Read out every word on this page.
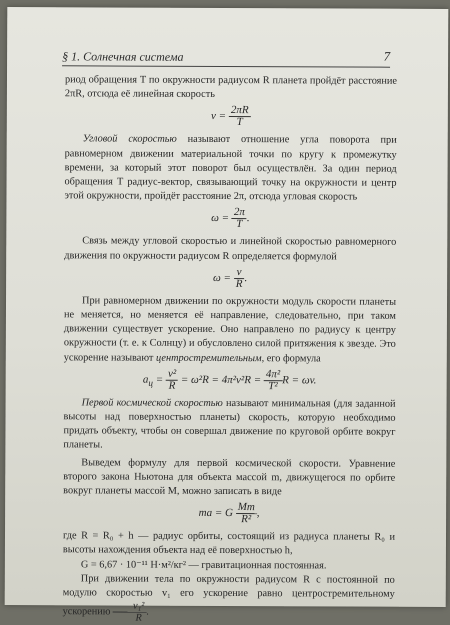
§ 1. Солнечная система	7

риод обращения T по окружности радиусом R планета пройдёт расстояние 2πR, отсюда её линейная скорость

$v = \frac{2\pi R}{T}$

Угловой скоростью называют отношение угла поворота при равномерном движении материальной точки по кругу к промежутку времени, за который этот поворот был осуществлён. За один период обращения T радиус-вектор, связывающий точку на окружности и центр этой окружности, пройдёт расстояние 2π, отсюда угловая скорость

$\omega = \frac{2\pi}{T}$ .

Связь между угловой скоростью и линейной скоростью равномерного движения по окружности радиусом R определяется формулой

$\omega = \frac{v}{R}$ .

При равномерном движении по окружности модуль скорости планеты не меняется, но меняется её направление, следовательно, при таком движении существует ускорение. Оно направлено по радиусу к центру окружности (т. е. к Солнцу) и обусловлено силой притяжения к звезде. Это ускорение называют центростремительным, его формула

$a_ц = \frac{\text{v²}}{R} = \omega^2R = 4\pi^2\nu^2R = \frac{\text{4π²}}{\text{T²}}$ R = ωv.

Первой космической скоростью называют минимальная (для заданной высоты над поверхностью планеты) скорость, которую необходимо придать объекту, чтобы он совершал движение по круговой орбите вокруг планеты.

Выведем формулу для первой космической скорости. Уравнение второго закона Ньютона для объекта массой m, движущегося по орбите вокруг планеты массой M, можно записать в виде

ma = G $\frac{Mm}{\text{R²}}$ ,

где R = R₀ + h — радиус орбиты, состоящий из радиуса планеты R₀ и высоты нахождения объекта над её поверхностью h,

G = 6,67 · 10⁻¹¹ Н·м²/кг² — гравитационная постоянная.

При движении тела по окружности радиусом R с постоянной по модулю скоростью v₁ его ускорение равно центростремительному ускорению $\frac{\text{v₁²}}{R}$ .
